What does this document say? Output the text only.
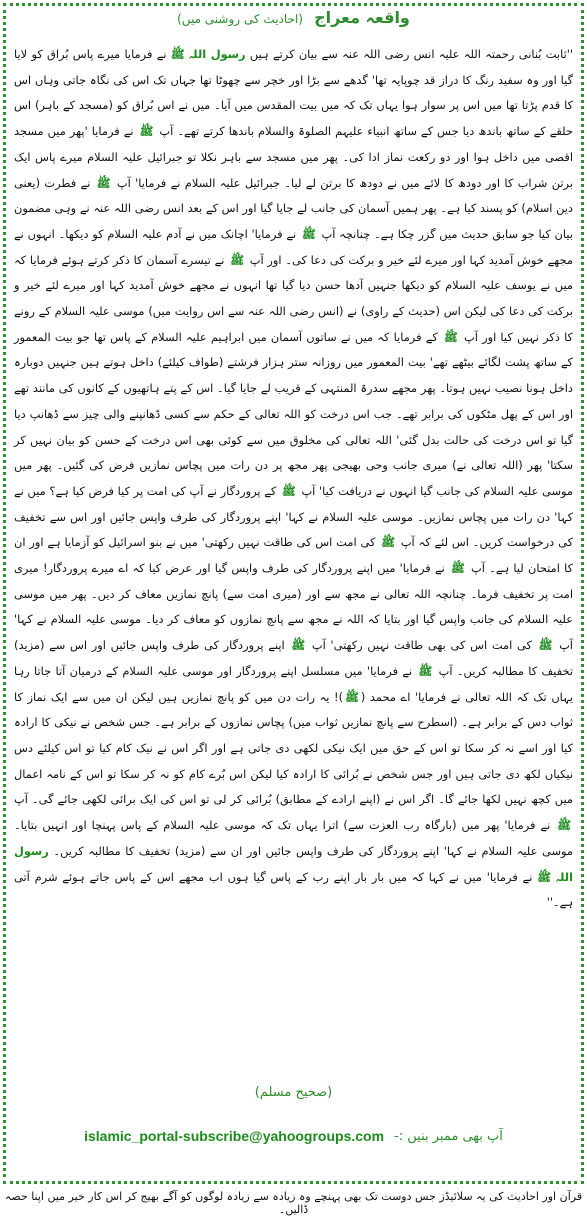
واقعہ معراج (احادیث کی روشنی میں)

''ثابت بُنانی رحمتہ اللہ علیہ انس رضی اللہ عنہ سے بیان کرتے ہیں رسول اللہ ﷺ نے فرمایا میرے پاس بُراق کو لایا گیا اور وہ سفید رنگ کا دراز قد چوپایہ تھا' گدھے سے بڑا اور خچر سے چھوٹا تھا جہاں تک اس کی نگاہ جاتی وہاں اس کا قدم پڑتا تھا میں اس پر سوار ہوا یہاں تک کہ میں بیت المقدس میں آیا۔ میں نے اس بُراق کو (مسجد کے باہر) اس حلقے کے ساتھ باندھ دیا جس کے ساتھ انبیاء علیہم الصلوۃ والسلام باندھا کرتے تھے۔ آپ ﷺ نے فرمایا 'پھر میں مسجد اقصی میں داخل ہوا اور دو رکعت نماز ادا کی۔ پھر میں مسجد سے باہر نکلا تو جبرائیل علیہ السلام میرے پاس ایک برتن شراب کا اور دودھ کا لائے میں نے دودھ کا برتن لے لیا۔ جبرائیل علیہ السلام نے فرمایا' آپ ﷺ نے فطرت (یعنی دین اسلام) کو پسند کیا ہے۔ پھر ہمیں آسمان کی جانب لے جایا گیا اور اس کے بعد انس رضی اللہ عنہ نے وہی مضمون بیان کیا جو سابق حدیث میں گزر چکا ہے۔ چنانچہ آپ ﷺ نے فرمایا' اچانک میں نے آدم علیہ السلام کو دیکھا۔ انہوں نے مجھے خوش آمدید کہا اور میرے لئے خیر و برکت کی دعا کی۔ اور آپ ﷺ نے تیسرے آسمان کا ذکر کرتے ہوئے فرمایا کہ میں نے یوسف علیہ السلام کو دیکھا جنہیں آدھا حسن دیا گیا تھا انہوں نے مجھے خوش آمدید کہا اور میرے لئے خیر و برکت کی دعا کی لیکن اس (حدیث کے راوی) نے (انس رضی اللہ عنہ سے اس روایت میں) موسی علیہ السلام کے رونے کا ذکر نہیں کیا اور آپ ﷺ کے فرمایا کہ میں نے ساتوں آسمان میں ابراہیم علیہ السلام کے پاس تھا جو بیت المعمور کے ساتھ پشت لگائے بیٹھے تھے' بیت المعمور میں روزانہ ستر ہزار فرشتے (طواف کیلئے) داخل ہوتے ہیں جنہیں دوبارہ داخل ہونا نصیب نہیں ہوتا۔ پھر مجھے سدرۃ المنتہی کے قریب لے جایا گیا۔ اس کے پتے ہاتھیوں کے کانوں کی مانند تھے اور اس کے پھل مٹکوں کی برابر تھے۔ جب اس درخت کو اللہ تعالی کے حکم سے کسی ڈھانپنے والی چیز سے ڈھانپ دیا گیا تو اس درخت کی حالت بدل گئی' اللہ تعالی کی مخلوق میں سے کوئی بھی اس درخت کے حسن کو بیان نہیں کر سکتا' پھر (اللہ تعالی نے) میری جانب وحی بھیجی پھر مجھ پر دن رات میں پچاس نمازیں فرض کی گئیں۔ پھر میں موسی علیہ السلام کی جانب گیا انہوں نے دریافت کیا' آپ ﷺ کے پروردگار نے آپ کی امت پر کیا فرض کیا ہے؟ میں نے کہا' دن رات میں پچاس نمازیں۔ موسی علیہ السلام نے کہا' اپنے پروردگار کی طرف واپس جائیں اور اس سے تخفیف کی درخواست کریں۔ اس لئے کہ آپ ﷺ کی امت اس کی طاقت نہیں رکھتی' میں نے بنو اسرائیل کو آزمایا ہے اور ان کا امتحان لیا ہے۔ آپ ﷺ نے فرمایا' میں اپنے پروردگار کی طرف واپس گیا اور عرض کیا کہ اے میرے پروردگار! میری امت پر تخفیف فرما۔ چنانچہ اللہ تعالی نے مجھ سے اور (میری امت سے) پانچ نمازیں معاف کر دیں۔ پھر میں موسی علیہ السلام کی جانب واپس گیا اور بتایا کہ اللہ نے مجھ سے پانچ نمازوں کو معاف کر دیا۔ موسی علیہ السلام نے کہا' آپ ﷺ کی امت اس کی بھی طاقت نہیں رکھتی' آپ ﷺ اپنے پروردگار کی طرف واپس جائیں اور اس سے (مزید) تخفیف کا مطالبہ کریں۔ آپ ﷺ نے فرمایا' میں مسلسل اپنے پروردگار اور موسی علیہ السلام کے درمیان آتا جاتا رہا یہاں تک کہ اللہ تعالی نے فرمایا' اے محمد (ﷺ)! یہ رات دن میں کو پانچ نمازیں ہیں لیکن ان میں سے ایک نماز کا ثواب دس کے برابر ہے۔ (اسطرح سے پانچ نمازیں ثواب میں) پچاس نمازوں کے برابر ہے۔ جس شخص نے نیکی کا ارادہ کیا اور اسے نہ کر سکا تو اس کے حق میں ایک نیکی لکھی دی جاتی ہے اور اگر اس نے نیک کام کیا تو اس کیلئے دس نیکیاں لکھ دی جاتی ہیں اور جس شخص نے بُرائی کا ارادہ کیا لیکن اس بُرے کام کو نہ کر سکا تو اس کے نامہ اعمال میں کچھ نہیں لکھا جائے گا۔ اگر اس نے (اپنے ارادے کے مطابق) بُرائی کر لی تو اس کی ایک برائی لکھی جائے گی۔ آپ ﷺ نے فرمایا' پھر میں (بارگاہ رب العزت سے) اترا یہاں تک کہ موسی علیہ السلام کے پاس پہنچا اور انہیں بتایا۔ موسی علیہ السلام نے کہا' اپنے پروردگار کی طرف واپس جائیں اور ان سے (مزید) تخفیف کا مطالبہ کریں۔ رسول اللہ ﷺ نے فرمایا' میں نے کہا کہ میں بار بار اپنے رب کے پاس گیا ہوں اب مجھے اس کے پاس جاتے ہوئے شرم آتی ہے۔''

(صحیح مسلم)
islamic_portal-subscribe@yahoogroups.com آپ بھی ممبر بنیں :-
قرآن اور احادیث کی یہ سلائیڈز جس دوست تک بھی پہنچے وہ زیادہ سے زیادہ لوگوں کو آگے بھیج کر اس کار خیر میں اپنا حصہ ڈالیں۔
